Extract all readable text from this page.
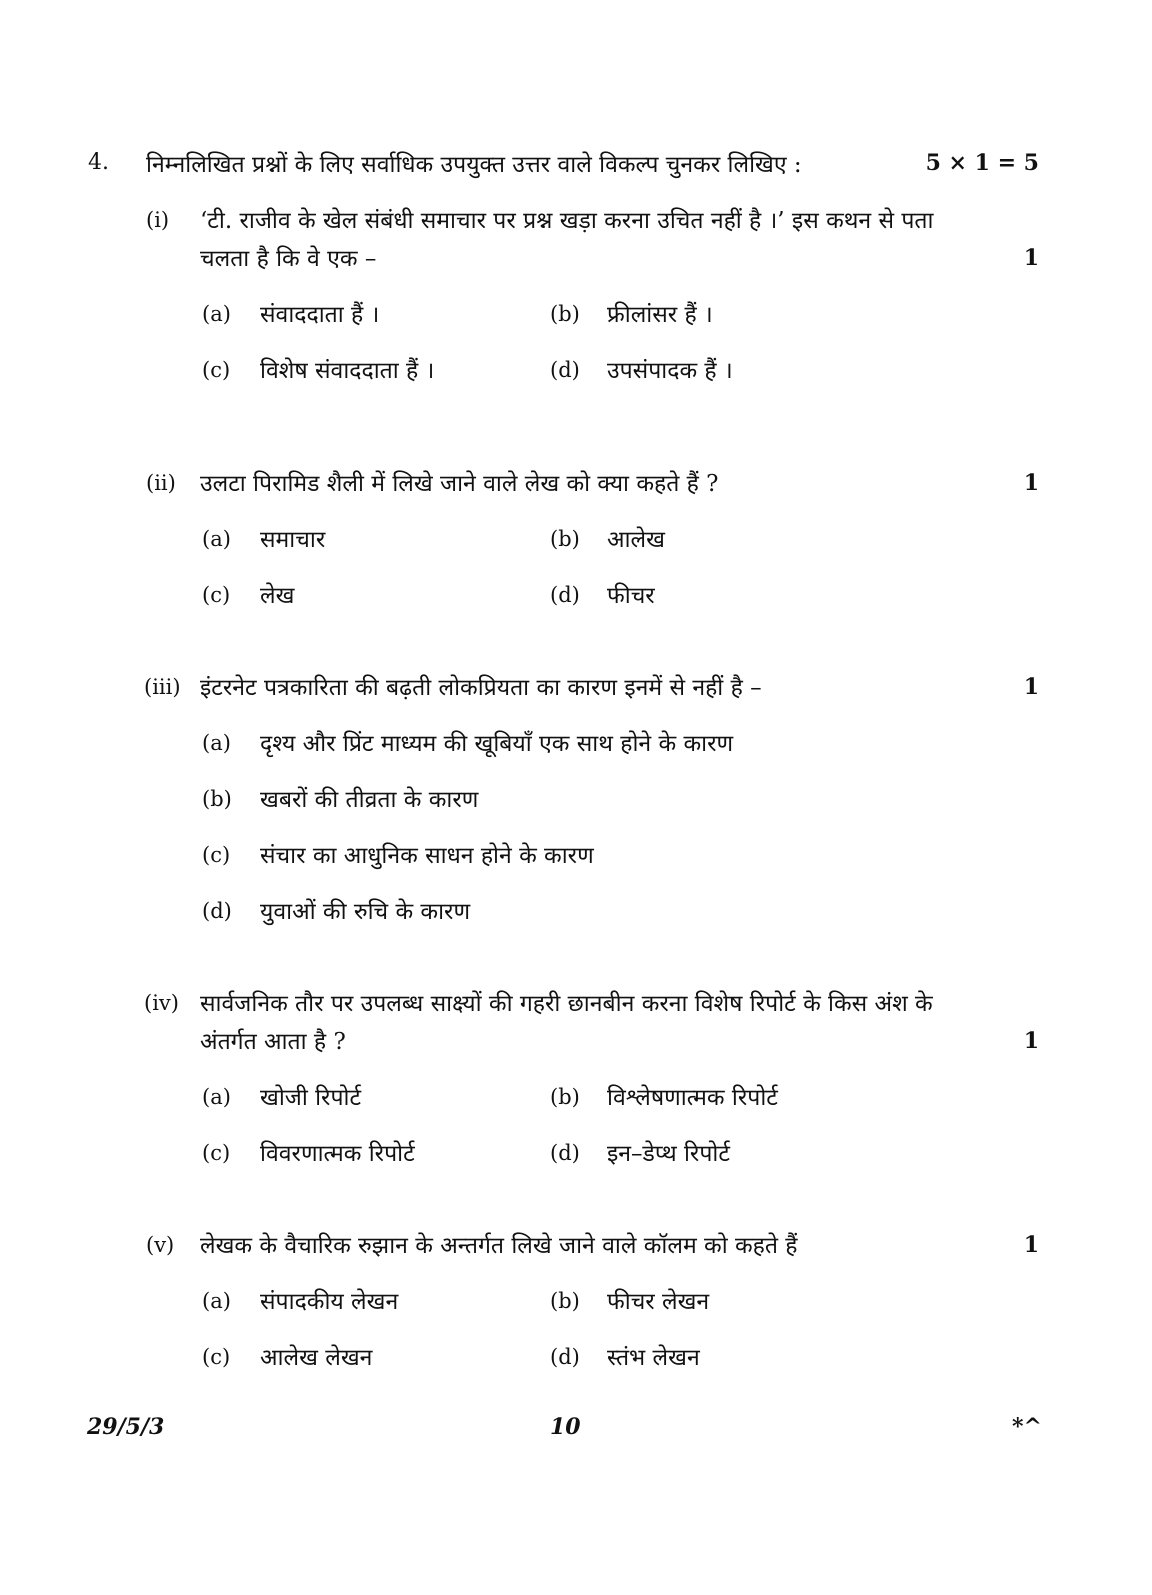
4. निम्नलिखित प्रश्नों के लिए सर्वाधिक उपयुक्त उत्तर वाले विकल्प चुनकर लिखिए :	5 × 1 = 5
(i) ‘टी. राजीव के खेल संबंधी समाचार पर प्रश्न खड़ा करना उचित नहीं है ।’ इस कथन से पता
चलता है कि वे एक –	1
(a) संवाददाता हैं ।	(b) फ्रीलांसर हैं ।
(c) विशेष संवाददाता हैं ।	(d) उपसंपादक हैं ।
(ii) उलटा पिरामिड शैली में लिखे जाने वाले लेख को क्या कहते हैं ?	1
(a) समाचार	(b) आलेख
(c) लेख	(d) फीचर
(iii) इंटरनेट पत्रकारिता की बढ़ती लोकप्रियता का कारण इनमें से नहीं है –	1
(a) दृश्य और प्रिंट माध्यम की खूबियाँ एक साथ होने के कारण
(b) खबरों की तीव्रता के कारण
(c) संचार का आधुनिक साधन होने के कारण
(d) युवाओं की रुचि के कारण
(iv) सार्वजनिक तौर पर उपलब्ध साक्ष्यों की गहरी छानबीन करना विशेष रिपोर्ट के किस अंश के
अंतर्गत आता है ?	1
(a) खोजी रिपोर्ट	(b) विश्लेषणात्मक रिपोर्ट
(c) विवरणात्मक रिपोर्ट	(d) इन–डेप्थ रिपोर्ट
(v) लेखक के वैचारिक रुझान के अन्तर्गत लिखे जाने वाले कॉलम को कहते हैं	1
(a) संपादकीय लेखन	(b) फीचर लेखन
(c) आलेख लेखन	(d) स्तंभ लेखन
29/5/3	10	*^
